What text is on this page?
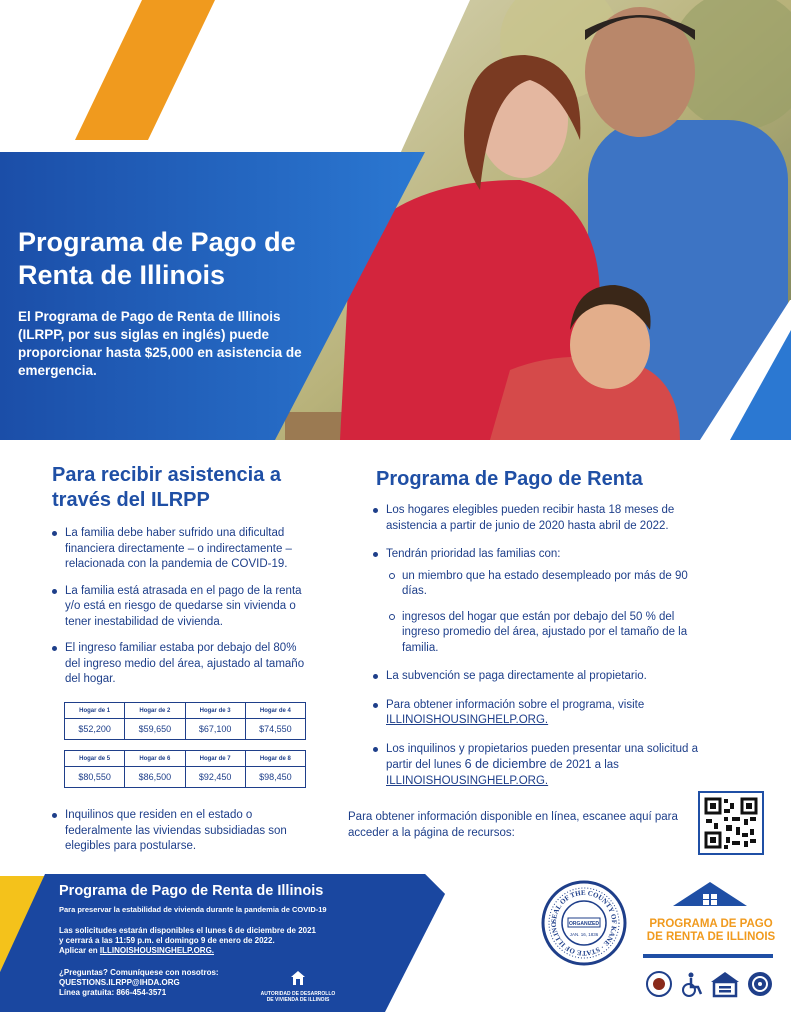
Programa de Pago de Renta de Illinois

El Programa de Pago de Renta de Illinois (ILRPP, por sus siglas en inglés) puede proporcionar hasta $25,000 en asistencia de emergencia.

Para recibir asistencia a través del ILRPP
La familia debe haber sufrido una dificultad financiera directamente – o indirectamente – relacionada con la pandemia de COVID-19.
La familia está atrasada en el pago de la renta y/o está en riesgo de quedarse sin vivienda o tener inestabilidad de vivienda.
El ingreso familiar estaba por debajo del 80% del ingreso medio del área, ajustado al tamaño del hogar.
Hogar de 1	Hogar de 2	Hogar de 3	Hogar de 4
$52,200	$59,650	$67,100	$74,550
Hogar de 5	Hogar de 6	Hogar de 7	Hogar de 8
$80,550	$86,500	$92,450	$98,450
Inquilinos que residen en el estado o federalmente las viviendas subsidiadas son elegibles para postularse.
Programa de Pago de Renta
Los hogares elegibles pueden recibir hasta 18 meses de asistencia a partir de junio de 2020 hasta abril de 2022.
Tendrán prioridad las familias con:
un miembro que ha estado desempleado por más de 90 días.
ingresos del hogar que están por debajo del 50 % del ingreso promedio del área, ajustado por el tamaño de la familia.
La subvención se paga directamente al propietario.
Para obtener información sobre el programa, visite
ILLINOISHOUSINGHELP.ORG.
Los inquilinos y propietarios pueden presentar una solicitud a partir del lunes 6 de diciembre de 2021 a las
ILLINOISHOUSINGHELP.ORG.

Para obtener información disponible en línea, escanee aquí para acceder a la página de recursos:

Programa de Pago de Renta de Illinois

Para preservar la estabilidad de vivienda durante la pandemia de COVID-19

Las solicitudes estarán disponibles el lunes 6 de diciembre de 2021
y cerrará a las 11:59 p.m. el domingo 9 de enero de 2022.
Aplicar en ILLINOISHOUSINGHELP.ORG.

¿Preguntas? Comuníquese con nosotros:
QUESTIONS.ILRPP@IHDA.ORG
Línea gratuita: 866-454-3571	AUTORIDAD DE DESARROLLO
DE VIVIENDA DE ILLINOIS
SEAL OF THE COUNTY OF KANE · STATE OF ILLINO	ORGANIZED
JAN. 16, 1836

PROGRAMA DE PAGO
DE RENTA DE ILLINOIS
